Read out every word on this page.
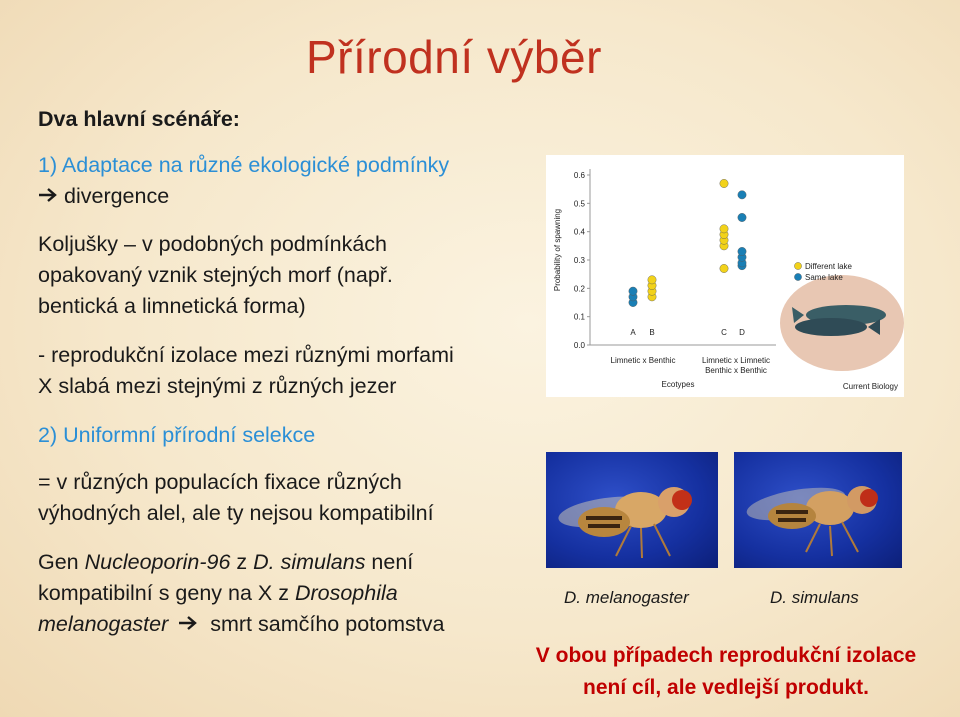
Přírodní výběr
Dva hlavní scénáře:
1) Adaptace na různé ekologické podmínky
divergence
Koljušky – v podobných podmínkách
opakovaný vznik stejných morf (např.
bentická a limnetická forma)
- reprodukční izolace mezi různými morfami
X slabá mezi stejnými z různých jezer
2) Uniformní přírodní selekce
= v různých populacích fixace různých
výhodných alel, ale ty nejsou kompatibilní
Gen Nucleoporin-96 z D. simulans není
kompatibilní s geny na X z Drosophila
melanogaster  smrt samčího potomstva
0.0
0.1
0.2
0.3
0.4
0.5
0.6
Probability of spawning
A B	C D
Limnetic x Benthic	Limnetic x Limnetic
Benthic x Benthic
Ecotypes
Different lake
Same lake
Current Biology
D. melanogaster	D. simulans
V obou případech reprodukční izolace
není cíl, ale vedlejší produkt.
